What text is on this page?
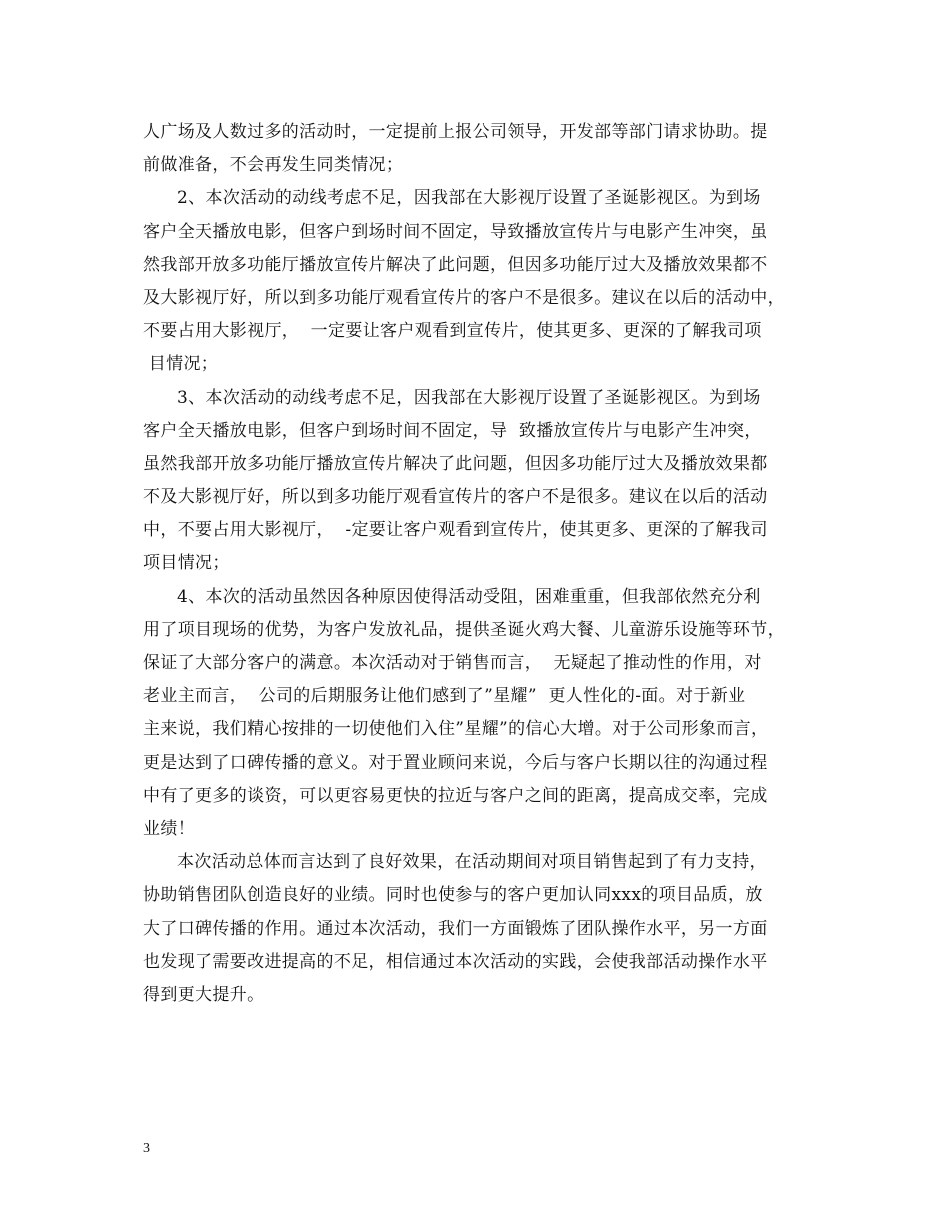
人广场及人数过多的活动时，一定提前上报公司领导，开发部等部门请求协助。提
前做准备，不会再发生同类情况；
2、本次活动的动线考虑不足，因我部在大影视厅设置了圣诞影视区。为到场
客户全天播放电影，但客户到场时间不固定，导致播放宣传片与电影产生冲突，虽
然我部开放多功能厅播放宣传片解决了此问题，但因多功能厅过大及播放效果都不
及大影视厅好，所以到多功能厅观看宣传片的客户不是很多。建议在以后的活动中，
不要占用大影视厅，  一定要让客户观看到宣传片，使其更多、更深的了解我司项
目情况；
3、本次活动的动线考虑不足，因我部在大影视厅设置了圣诞影视区。为到场
客户全天播放电影，但客户到场时间不固定，导  致播放宣传片与电影产生冲突，
虽然我部开放多功能厅播放宣传片解决了此问题，但因多功能厅过大及播放效果都
不及大影视厅好，所以到多功能厅观看宣传片的客户不是很多。建议在以后的活动
中，不要占用大影视厅，  -定要让客户观看到宣传片，使其更多、更深的了解我司
项目情况；
4、本次的活动虽然因各种原因使得活动受阻，困难重重，但我部依然充分利
用了项目现场的优势，为客户发放礼品，提供圣诞火鸡大餐、儿童游乐设施等环节，
保证了大部分客户的满意。本次活动对于销售而言，  无疑起了推动性的作用，对
老业主而言，  公司的后期服务让他们感到了”星耀”  更人性化的-面。对于新业
主来说，我们精心按排的一切使他们入住”星耀”的信心大增。对于公司形象而言，
更是达到了口碑传播的意义。对于置业顾问来说，今后与客户长期以往的沟通过程
中有了更多的谈资，可以更容易更快的拉近与客户之间的距离，提高成交率，完成
业绩！
本次活动总体而言达到了良好效果，在活动期间对项目销售起到了有力支持，
协助销售团队创造良好的业绩。同时也使参与的客户更加认同xxx的项目品质，放
大了口碑传播的作用。通过本次活动，我们一方面锻炼了团队操作水平，另一方面
也发现了需要改进提高的不足，相信通过本次活动的实践，会使我部活动操作水平
得到更大提升。
3
